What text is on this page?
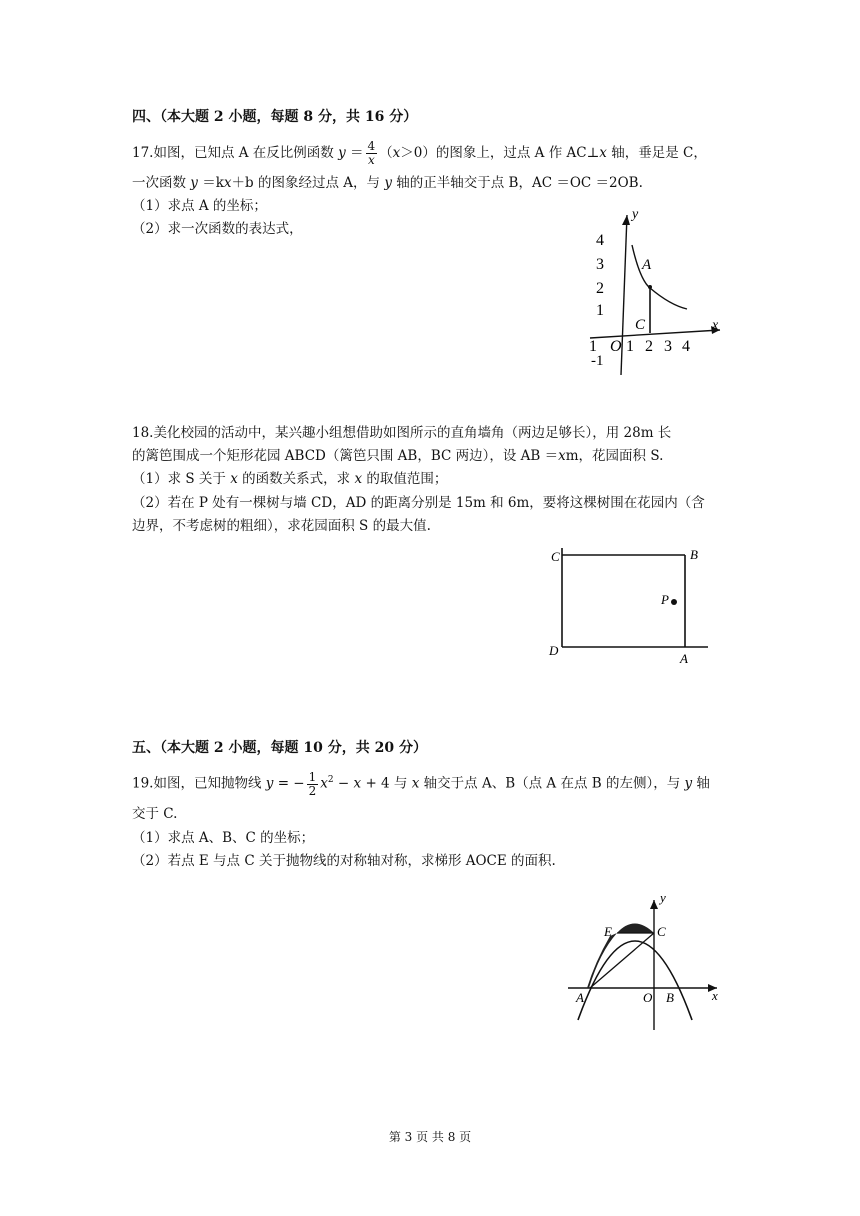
四、（本大题 2 小题，每题 8 分，共 16 分）
17.如图，已知点 A 在反比例函数 $y = \frac{4}{x} (x>0)$的图象上，过点 A 作 AC⊥x 轴，垂足是 C，
一次函数 y ＝kx＋b 的图象经过点 A，与 y 轴的正半轴交于点 B，AC ＝OC ＝2OB.
（1）求点 A 的坐标；
（2）求一次函数的表达式，
y
x
A
C
4
3
2
1
-1
1 O 1 2 3 4
18.美化校园的活动中，某兴趣小组想借助如图所示的直角墙角（两边足够长），用 28m 长
的篱笆围成一个矩形花园 ABCD（篱笆只围 AB，BC 两边），设 AB ＝xm，花园面积 S.
（1）求 S 关于 x 的函数关系式，求 x 的取值范围；
（2）若在 P 处有一棵树与墙 CD，AD 的距离分别是 15m 和 6m，要将这棵树围在花园内（含
边界，不考虑树的粗细），求花园面积 S 的最大值.
C	B
P
D
A
五、（本大题 2 小题，每题 10 分，共 20 分）
19.如图，已知抛物线 y = − $\frac{1}{2} x^2 - x + 4$ 与 x 轴交于点 A、B（点 A 在点 B 的左侧），与 y 轴
交于 C.
（1）求点 A、B、C 的坐标；
（2）若点 E 与点 C 关于抛物线的对称轴对称，求梯形 AOCE 的面积.
y
x
E	C
A	O B
第 3 页 共 8 页
